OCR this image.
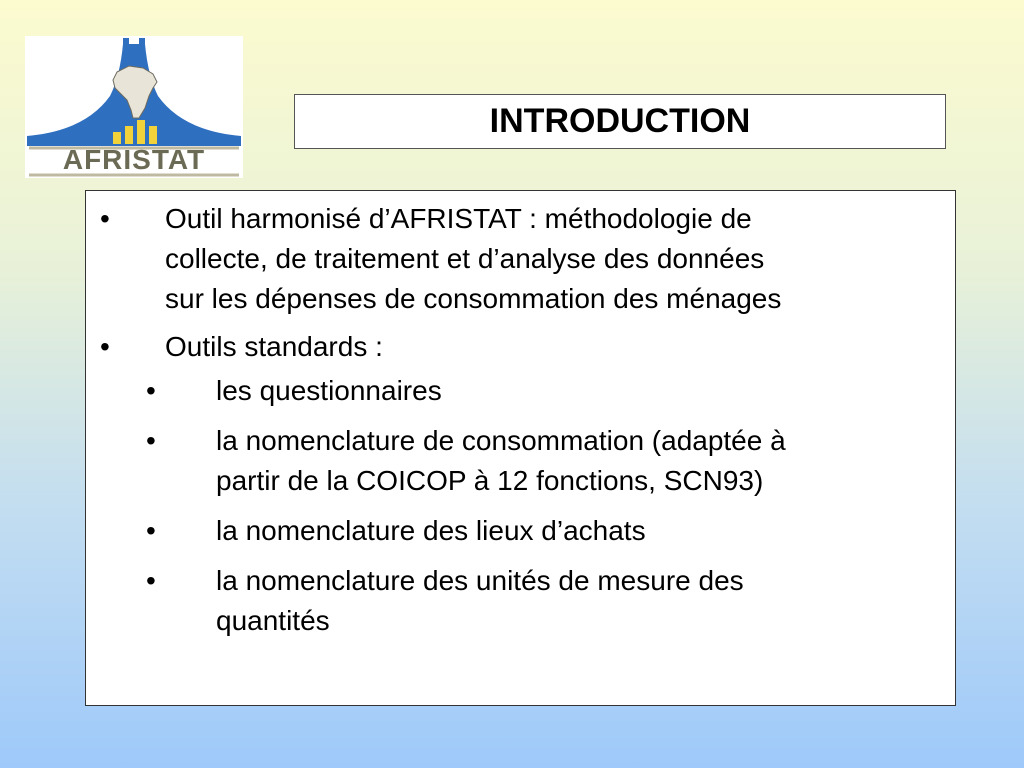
AFRISTAT
INTRODUCTION
•	Outil harmonisé d’AFRISTAT : méthodologie de
collecte, de traitement et d’analyse des données
sur les dépenses de consommation des ménages
•	Outils standards :
•	les questionnaires
•	la nomenclature de consommation (adaptée à
partir de la COICOP à 12 fonctions, SCN93)
•	la nomenclature des lieux d’achats
•	la nomenclature des unités de mesure des
quantités
